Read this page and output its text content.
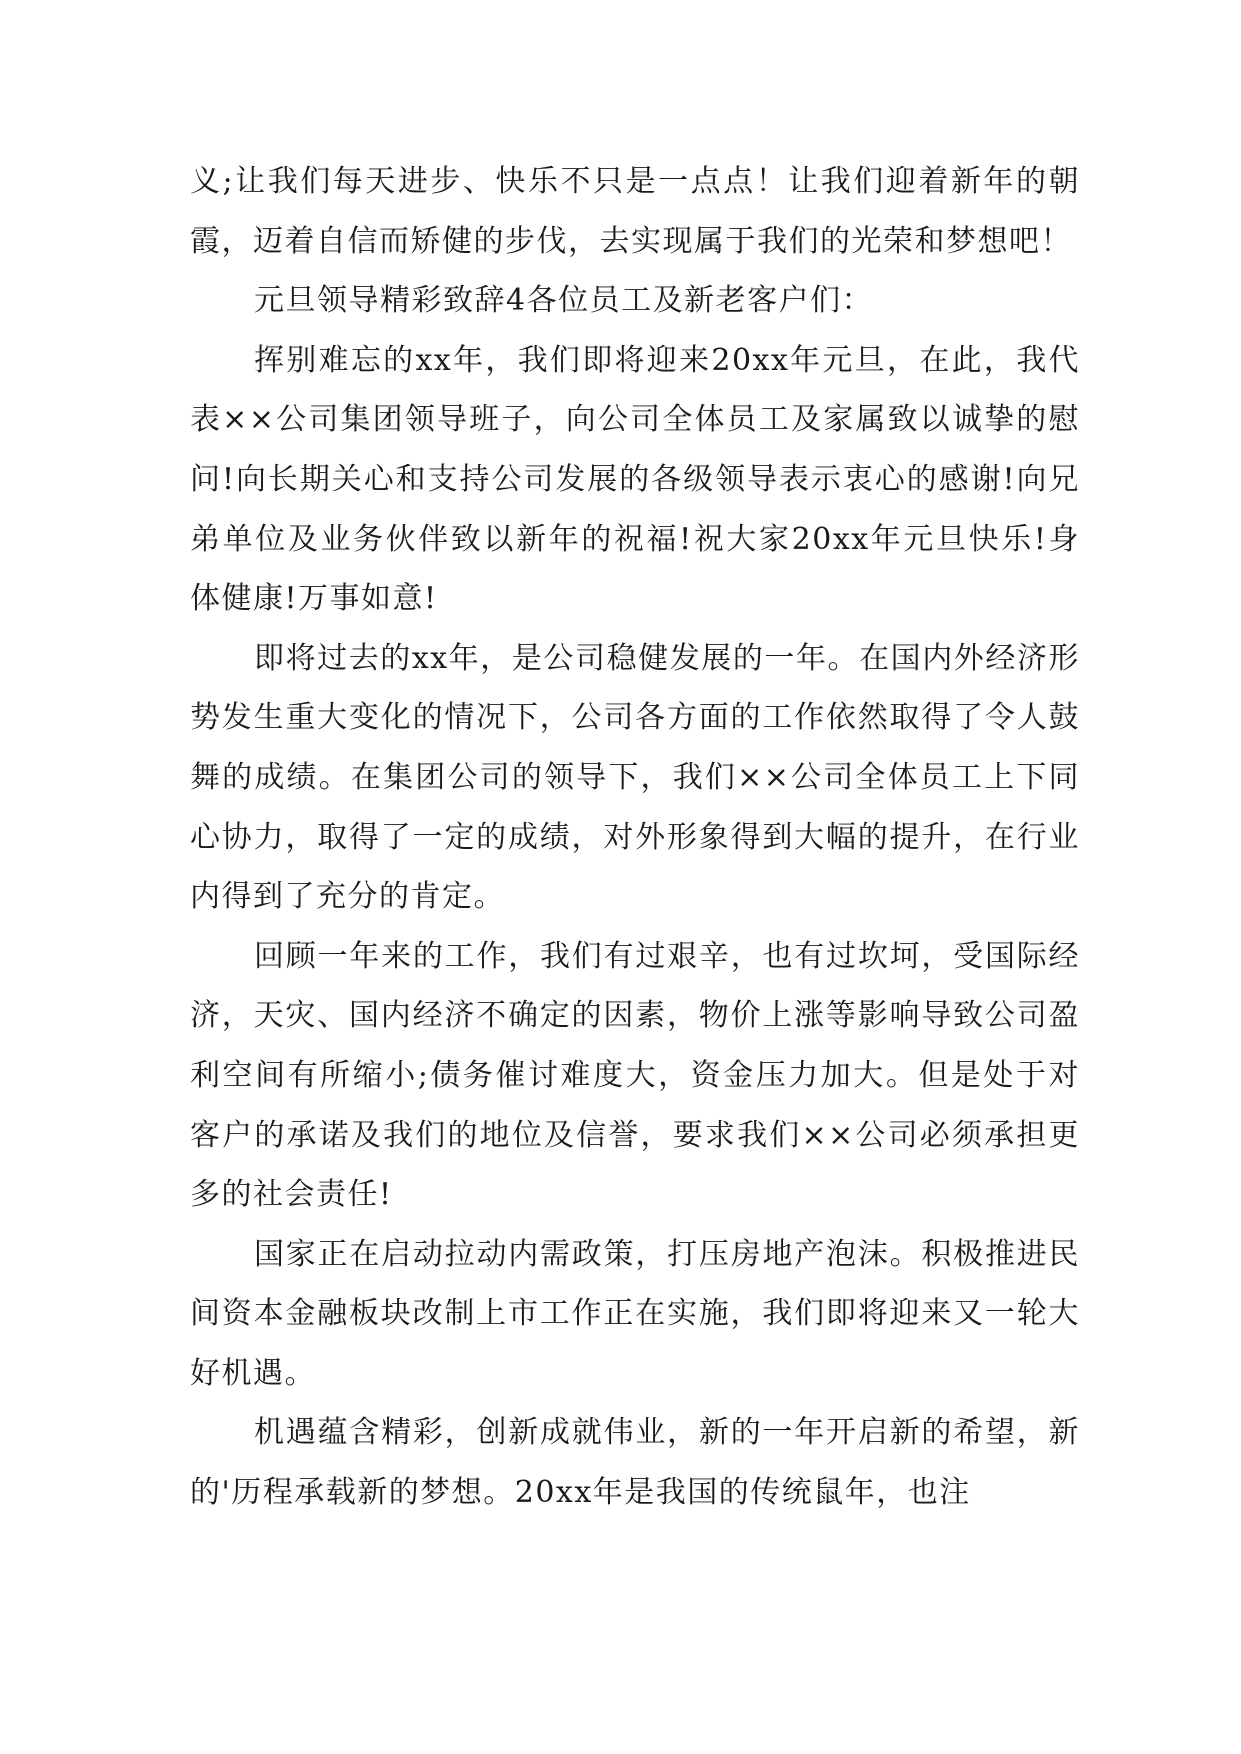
义;让我们每天进步、快乐不只是一点点！让我们迎着新年的朝霞，迈着自信而矫健的步伐，去实现属于我们的光荣和梦想吧！

元旦领导精彩致辞4各位员工及新老客户们：

挥别难忘的xx年，我们即将迎来20xx年元旦，在此，我代表××公司集团领导班子，向公司全体员工及家属致以诚挚的慰问!向长期关心和支持公司发展的各级领导表示衷心的感谢!向兄弟单位及业务伙伴致以新年的祝福!祝大家20xx年元旦快乐!身体健康!万事如意!

即将过去的xx年，是公司稳健发展的一年。在国内外经济形势发生重大变化的情况下，公司各方面的工作依然取得了令人鼓舞的成绩。在集团公司的领导下，我们××公司全体员工上下同心协力，取得了一定的成绩，对外形象得到大幅的提升，在行业内得到了充分的肯定。

回顾一年来的工作，我们有过艰辛，也有过坎坷，受国际经济，天灾、国内经济不确定的因素，物价上涨等影响导致公司盈利空间有所缩小;债务催讨难度大，资金压力加大。但是处于对客户的承诺及我们的地位及信誉，要求我们××公司必须承担更多的社会责任!

国家正在启动拉动内需政策，打压房地产泡沫。积极推进民间资本金融板块改制上市工作正在实施，我们即将迎来又一轮大好机遇。

机遇蕴含精彩，创新成就伟业，新的一年开启新的希望，新的'历程承载新的梦想。20xx年是我国的传统鼠年，也注
